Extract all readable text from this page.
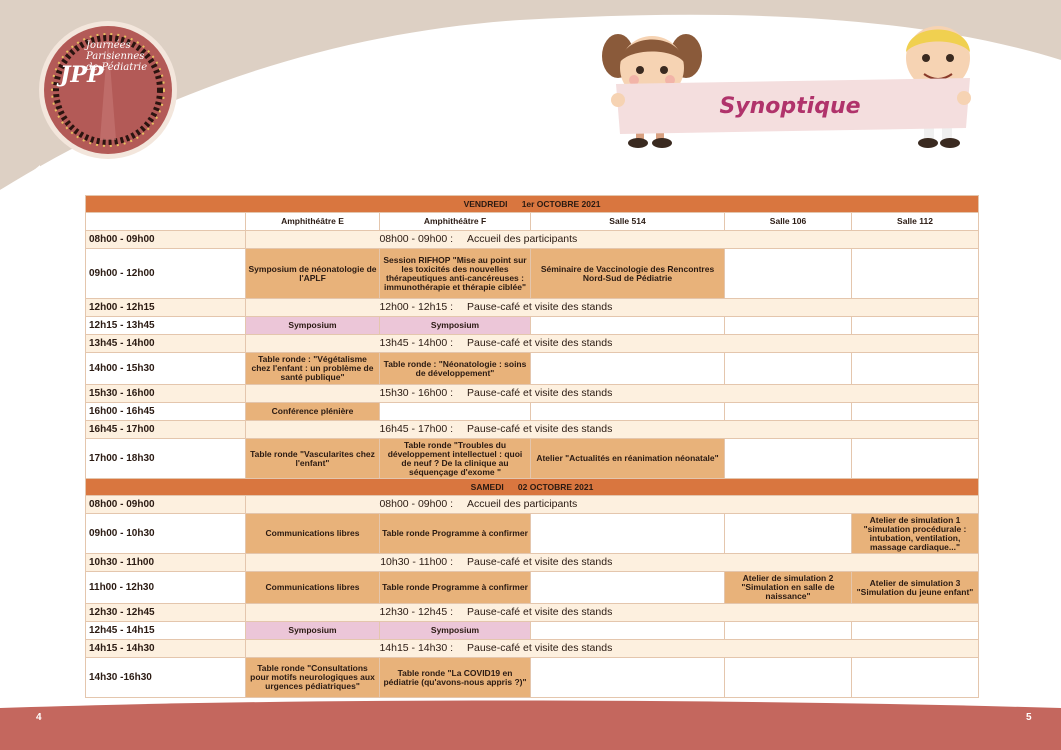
JPP
Journées
Parisiennes
de Pédiatrie
Synoptique
VENDREDI 1er OCTOBRE 2021					
	Amphithéâtre E	Amphithéâtre F	Salle 514	Salle 106	Salle 112
08h00 - 09h00	08h00 - 09h00 : Accueil des participants				

09h00 - 12h00	Symposium de néonatologie de l'APLF	Session RIFHOP "Mise au point sur les toxicités des nouvelles thérapeutiques anti-cancéreuses : immunothérapie et thérapie ciblée"	Séminaire de Vaccinologie des Rencontres Nord-Sud de Pédiatrie		
12h00 - 12h15	12h00 - 12h15 : Pause-café et visite des stands				

12h15 - 13h45	Symposium	Symposium			
13h45 - 14h00	13h45 - 14h00 : Pause-café et visite des stands				

14h00 - 15h30	Table ronde : "Végétalisme chez l'enfant : un problème de santé publique"	Table ronde : "Néonatologie : soins de développement"			
15h30 - 16h00	15h30 - 16h00 : Pause-café et visite des stands				

16h00 - 16h45	Conférence plénière				
16h45 - 17h00	16h45 - 17h00 : Pause-café et visite des stands				

17h00 - 18h30	Table ronde "Vascularites chez l'enfant"	Table ronde "Troubles du développement intellectuel : quoi de neuf ? De la clinique au séquençage d'exome "	Atelier "Actualités en réanimation néonatale"		
SAMEDI 02 OCTOBRE 2021					
08h00 - 09h00	08h00 - 09h00 : Accueil des participants				

09h00 - 10h30	Communications libres	Table ronde Programme à confirmer			Atelier de simulation 1 "simulation procédurale : intubation, ventilation, massage cardiaque..."
10h30 - 11h00	10h30 - 11h00 : Pause-café et visite des stands				

11h00 - 12h30	Communications libres	Table ronde Programme à confirmer		Atelier de simulation 2 "Simulation en salle de naissance"	Atelier de simulation 3 "Simulation du jeune enfant"
12h30 - 12h45	12h30 - 12h45 : Pause-café et visite des stands				

12h45 - 14h15	Symposium	Symposium			
14h15 - 14h30	14h15 - 14h30 : Pause-café et visite des stands				

14h30 -16h30	Table ronde "Consultations pour motifs neurologiques aux urgences pédiatriques"	Table ronde "La COVID19 en pédiatrie (qu'avons-nous appris ?)"			
4	5
